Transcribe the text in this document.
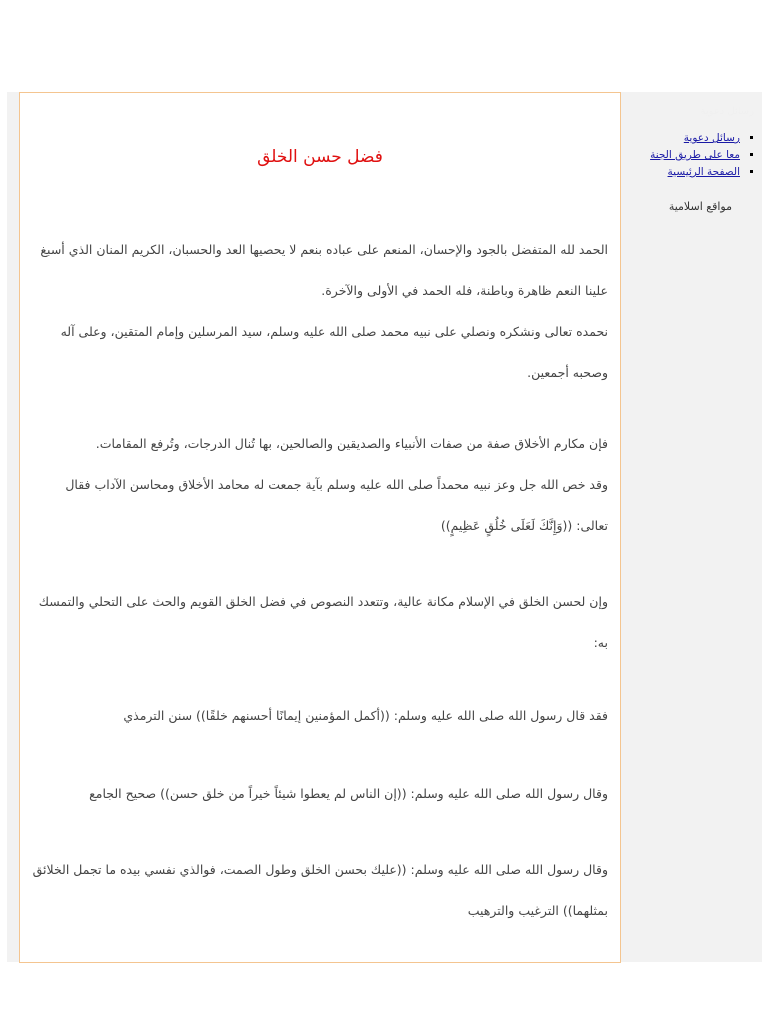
فضل حسن الخلق
الحمد لله المتفضل بالجود والإحسان، المنعم على عباده بنعم لا يحصيها العد والحسبان، الكريم المنان الذي أسبغ علينا النعم ظاهرة وباطنة، فله الحمد في الأولى والآخرة.
نحمده تعالى ونشكره ونصلي على نبيه محمد صلى الله عليه وسلم، سيد المرسلين وإمام المتقين، وعلى آله وصحبه أجمعين.
فإن مكارم الأخلاق صفة من صفات الأنبياء والصديقين والصالحين، بها تُنال الدرجات، وتُرفع المقامات.
وقد خص الله جل وعز نبيه محمداً صلى الله عليه وسلم بآية جمعت له محامد الأخلاق ومحاسن الآداب فقال تعالى: ((وَإِنَّكَ لَعَلَى خُلُقٍ عَظِيمٍ))
وإن لحسن الخلق في الإسلام مكانة عالية، وتتعدد النصوص في فضل الخلق القويم والحث على التحلي والتمسك به:
فقد قال رسول الله صلى الله عليه وسلم: ((أكمل المؤمنين إيمانًا أحسنهم خلقًا)) سنن الترمذي
وقال رسول الله صلى الله عليه وسلم: ((إن الناس لم يعطوا شيئاً خيراً من خلق حسن)) صحيح الجامع
وقال رسول الله صلى الله عليه وسلم: ((عليك بحسن الخلق وطول الصمت، فوالذي نفسي بيده ما تجمل الخلائق بمثلهما)) الترغيب والترهيب
رسائل دعوية
▪ رسائل دعوية
▪ معا على طريق الجنة
▪ الصفحة الرئيسية
مواقع اسلامية
